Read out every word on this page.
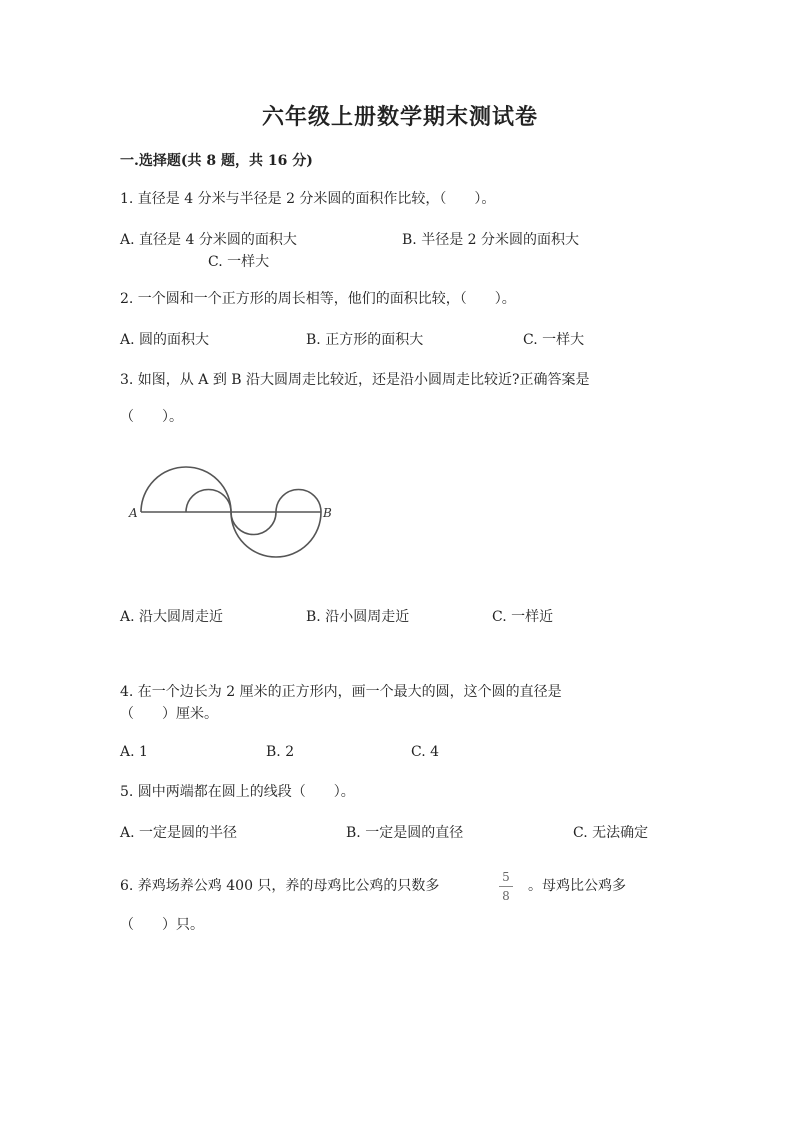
六年级上册数学期末测试卷
一.选择题(共 8 题，共 16 分)
1. 直径是 4 分米与半径是 2 分米圆的面积作比较，（　　）。
A. 直径是 4 分米圆的面积大	B. 半径是 2 分米圆的面积大
C. 一样大
2. 一个圆和一个正方形的周长相等，他们的面积比较，（　　）。
A. 圆的面积大	B. 正方形的面积大	C. 一样大
3. 如图，从 A 到 B 沿大圆周走比较近，还是沿小圆周走比较近?正确答案是
（　　）。
A	B
A. 沿大圆周走近	B. 沿小圆周走近	C. 一样近
4. 在一个边长为 2 厘米的正方形内，画一个最大的圆，这个圆的直径是
（　　）厘米。
A. 1	B. 2	C. 4
5. 圆中两端都在圆上的线段（　　）。
A. 一定是圆的半径	B. 一定是圆的直径	C. 无法确定
6. 养鸡场养公鸡 400 只，养的母鸡比公鸡的只数多
5
8
。母鸡比公鸡多
（　　）只。
